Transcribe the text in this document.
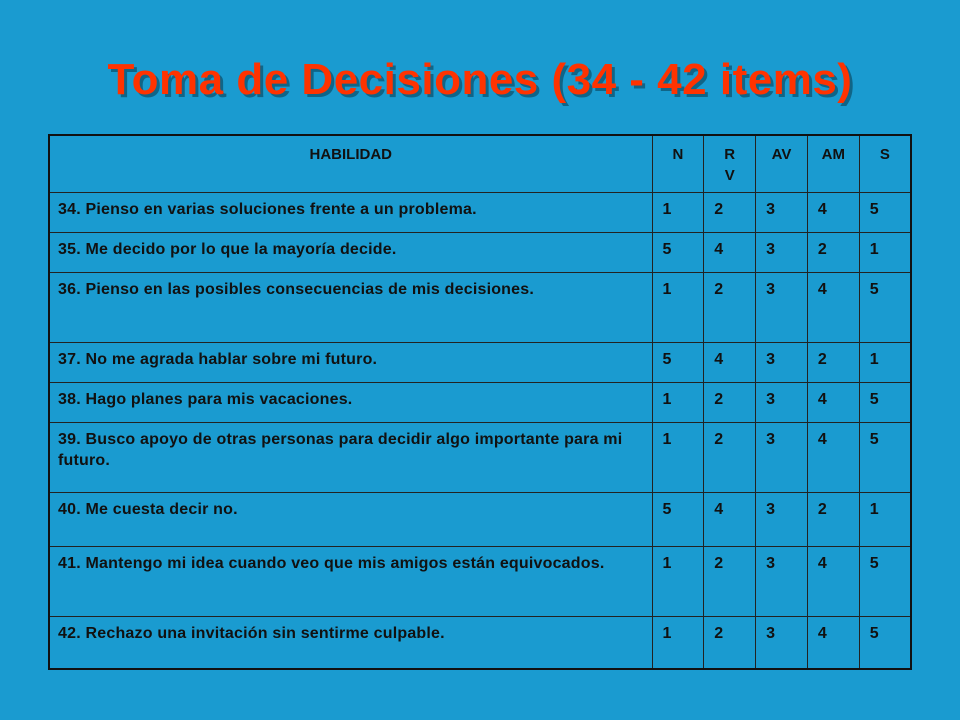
Toma de Decisiones (34 - 42 items)
HABILIDAD	N	R V	AV	AM	S
34. Pienso en varias soluciones frente a un problema.	1	2	3	4	5
35. Me decido por lo que la mayoría decide.	5	4	3	2	1
36. Pienso en las posibles consecuencias de mis decisiones.	1	2	3	4	5
37. No me agrada hablar sobre mi futuro.	5	4	3	2	1
38. Hago planes para mis vacaciones.	1	2	3	4	5
39. Busco apoyo de otras personas para decidir algo importante para mi futuro.	1	2	3	4	5
40. Me cuesta decir no.	5	4	3	2	1
41. Mantengo mi idea cuando veo que mis amigos están equivocados.	1	2	3	4	5
42. Rechazo una invitación sin sentirme culpable.	1	2	3	4	5
